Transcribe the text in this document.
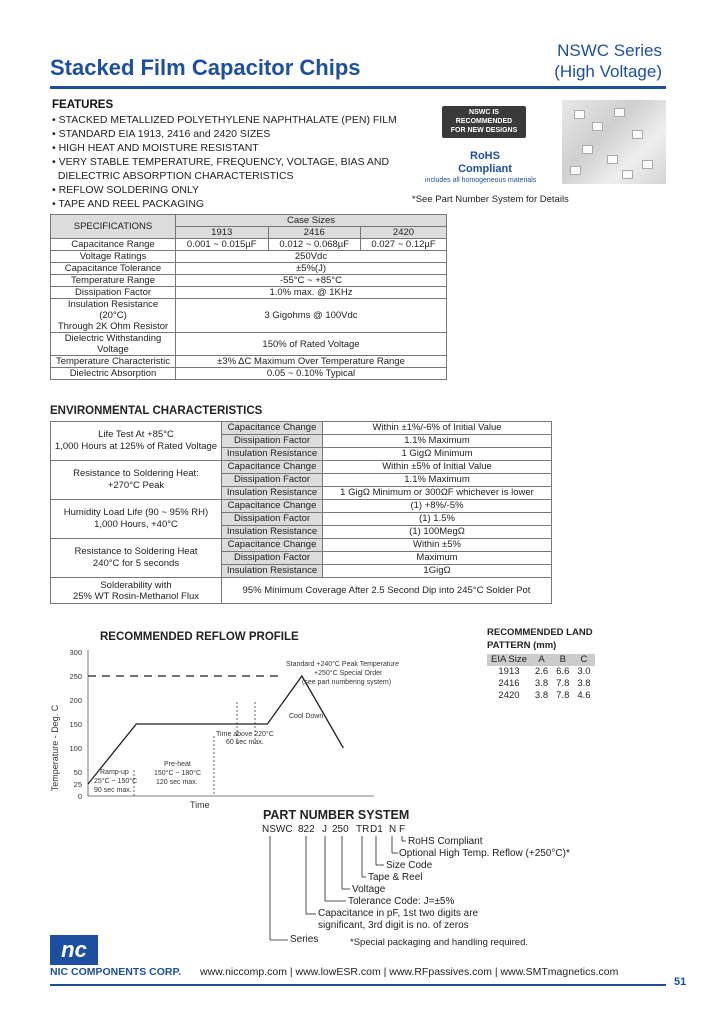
Stacked Film Capacitor Chips
NSWC Series
(High Voltage)
FEATURES
• STACKED METALLIZED POLYETHYLENE NAPHTHALATE (PEN) FILM
• STANDARD EIA 1913, 2416 and 2420 SIZES
• HIGH HEAT AND MOISTURE RESISTANT
• VERY STABLE TEMPERATURE, FREQUENCY, VOLTAGE, BIAS AND
DIELECTRIC ABSORPTION CHARACTERISTICS
• REFLOW SOLDERING ONLY
• TAPE AND REEL PACKAGING
NSWC IS
RECOMMENDED
FOR NEW DESIGNS
RoHS
Compliant
includes all homogeneous materials
*See Part Number System for Details
SPECIFICATIONS	Case Sizes		
	1913	2416	2420
Capacitance Range	0.001 ~ 0.015µF	0.012 ~ 0.068µF	0.027 ~ 0.12µF
Voltage Ratings	250Vdc		
Capacitance Tolerance	±5%(J)		
Temperature Range	-55°C ~ +85°C		
Dissipation Factor	1.0% max. @ 1KHz		
Insulation Resistance (20°C)
Through 2K Ohm Resistor	3 Gigohms @ 100Vdc		
Dielectric Withstanding
Voltage	150% of Rated Voltage		
Temperature Characteristic	±3% ΔC Maximum Over Temperature Range		
Dielectric Absorption	0.05 ~ 0.10% Typical		
ENVIRONMENTAL CHARACTERISTICS
Life Test At +85°C
1,000 Hours at 125% of Rated Voltage	Capacitance Change	Within ±1%/-6% of Initial Value
	Dissipation Factor	1.1% Maximum
	Insulation Resistance	1 GigΩ Minimum
Resistance to Soldering Heat:
+270°C Peak	Capacitance Change	Within ±5% of Initial Value
	Dissipation Factor	1.1% Maximum
	Insulation Resistance	1 GigΩ Minimum or 300ΩF whichever is lower
Humidity Load Life (90 ~ 95% RH)
1,000 Hours, +40°C	Capacitance Change	(1) +8%/-5%
	Dissipation Factor	(1) 1.5%
	Insulation Resistance	(1) 100MegΩ
Resistance to Soldering Heat
240°C for 5 seconds	Capacitance Change	Within ±5%
	Dissipation Factor	Maximum
	Insulation Resistance	1GigΩ
Solderability with
25% WT Rosin-Methanol Flux	95% Minimum Coverage After 2.5 Second Dip into 245°C Solder Pot	
RECOMMENDED REFLOW PROFILE
Temperature - Deg. C
300
250
200
150
100
50
25
0
Time
Standard +240°C Peak Temperature
+250°C Special Order
(see part numbering system)
Cool Down
Time above 220°C
60 sec max.
Pre-heat
150°C ~ 180°C
120 sec max.
Ramp-up
25°C ~ 150°C
90 sec max.
RECOMMENDED LAND
PATTERN (mm)
EIA Size	A	B	C
1913	2.6	6.6	3.0
2416	3.8	7.8	3.8
2420	3.8	7.8	4.6
PART NUMBER SYSTEM
NSWC 822 J 250 TR D1 N F
RoHS Compliant
Optional High Temp. Reflow (+250°C)*
Size Code
Tape & Reel
Voltage
Tolerance Code: J=±5%
Capacitance in pF, 1st two digits are
significant, 3rd digit is no. of zeros
Series	*Special packaging and handling required.
nc
NIC COMPONENTS CORP. www.niccomp.com | www.lowESR.com | www.RFpassives.com | www.SMTmagnetics.com
51
